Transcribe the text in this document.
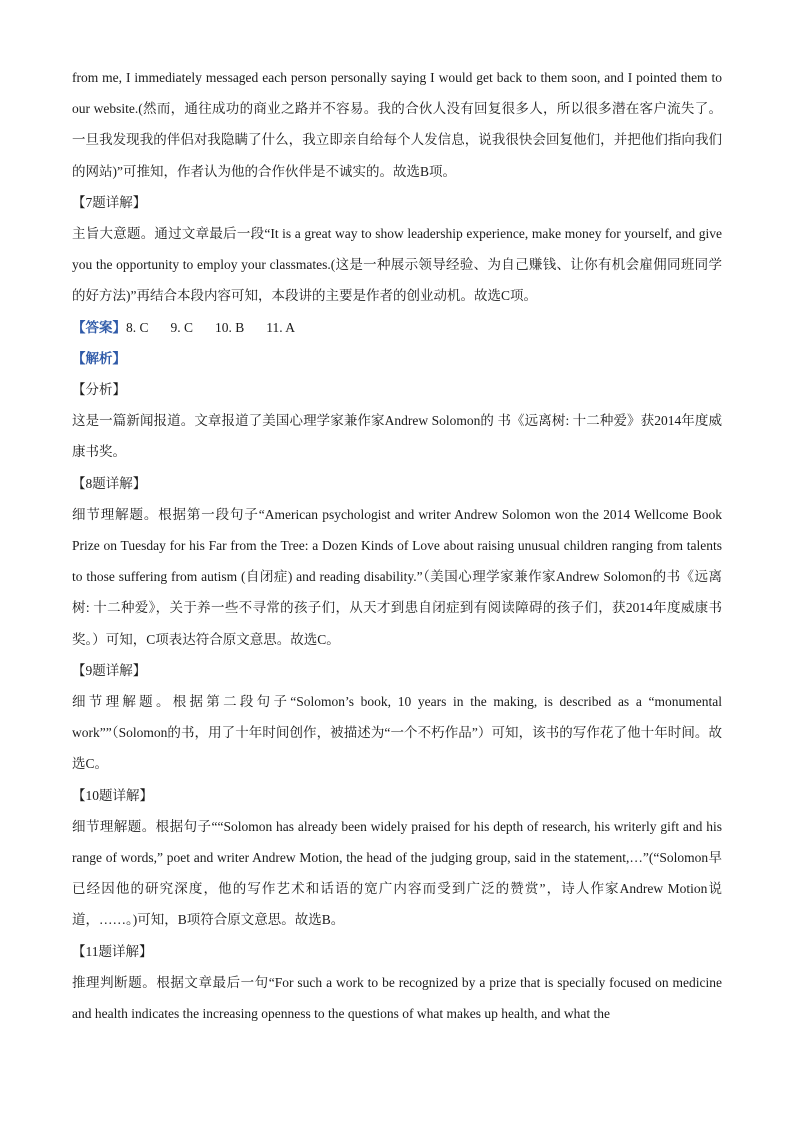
from me, I immediately messaged each person personally saying I would get back to them soon, and I pointed them to our website.(然而，通往成功的商业之路并不容易。我的合伙人没有回复很多人，所以很多潜在客户流失了。一旦我发现我的伴侣对我隐瞒了什么，我立即亲自给每个人发信息，说我很快会回复他们，并把他们指向我们的网站)”可推知，作者认为他的合作伙伴是不诚实的。故选B项。

【7题详解】

主旨大意题。通过文章最后一段“It is a great way to show leadership experience, make money for yourself, and give you the opportunity to employ your classmates.(这是一种展示领导经验、为自己赚钱、让你有机会雇佣同班同学的好方法)”再结合本段内容可知，本段讲的主要是作者的创业动机。故选C项。

【答案】8. C 9. C 10. B 11. A

【解析】

【分析】

这是一篇新闻报道。文章报道了美国心理学家兼作家Andrew Solomon的 书《远离树: 十二种爱》获2014年度威康书奖。

【8题详解】

细节理解题。根据第一段句子“American psychologist and writer Andrew Solomon won the 2014 Wellcome Book Prize on Tuesday for his Far from the Tree: a Dozen Kinds of Love about raising unusual children ranging from talents to those suffering from autism (自闭症) and reading disability.”（美国心理学家兼作家Andrew Solomon的书《远离树: 十二种爱》，关于养一些不寻常的孩子们，从天才到患自闭症到有阅读障碍的孩子们，获2014年度威康书奖。）可知，C项表达符合原文意思。故选C。

【9题详解】

细节理解题。根据第二段句子“Solomon’s book, 10 years in the making, is described as a “monumental work””（Solomon的书，用了十年时间创作，被描述为“一个不朽作品”）可知，该书的写作花了他十年时间。故选C。

【10题详解】

细节理解题。根据句子““Solomon has already been widely praised for his depth of research, his writerly gift and his range of words,” poet and writer Andrew Motion, the head of the judging group, said in the statement,…”(“Solomon早已经因他的研究深度，他的写作艺术和话语的宽广内容而受到广泛的赞赏”，诗人作家Andrew Motion说道，……。)可知，B项符合原文意思。故选B。

【11题详解】

推理判断题。根据文章最后一句“For such a work to be recognized by a prize that is specially focused on medicine and health indicates the increasing openness to the questions of what makes up health, and what the
